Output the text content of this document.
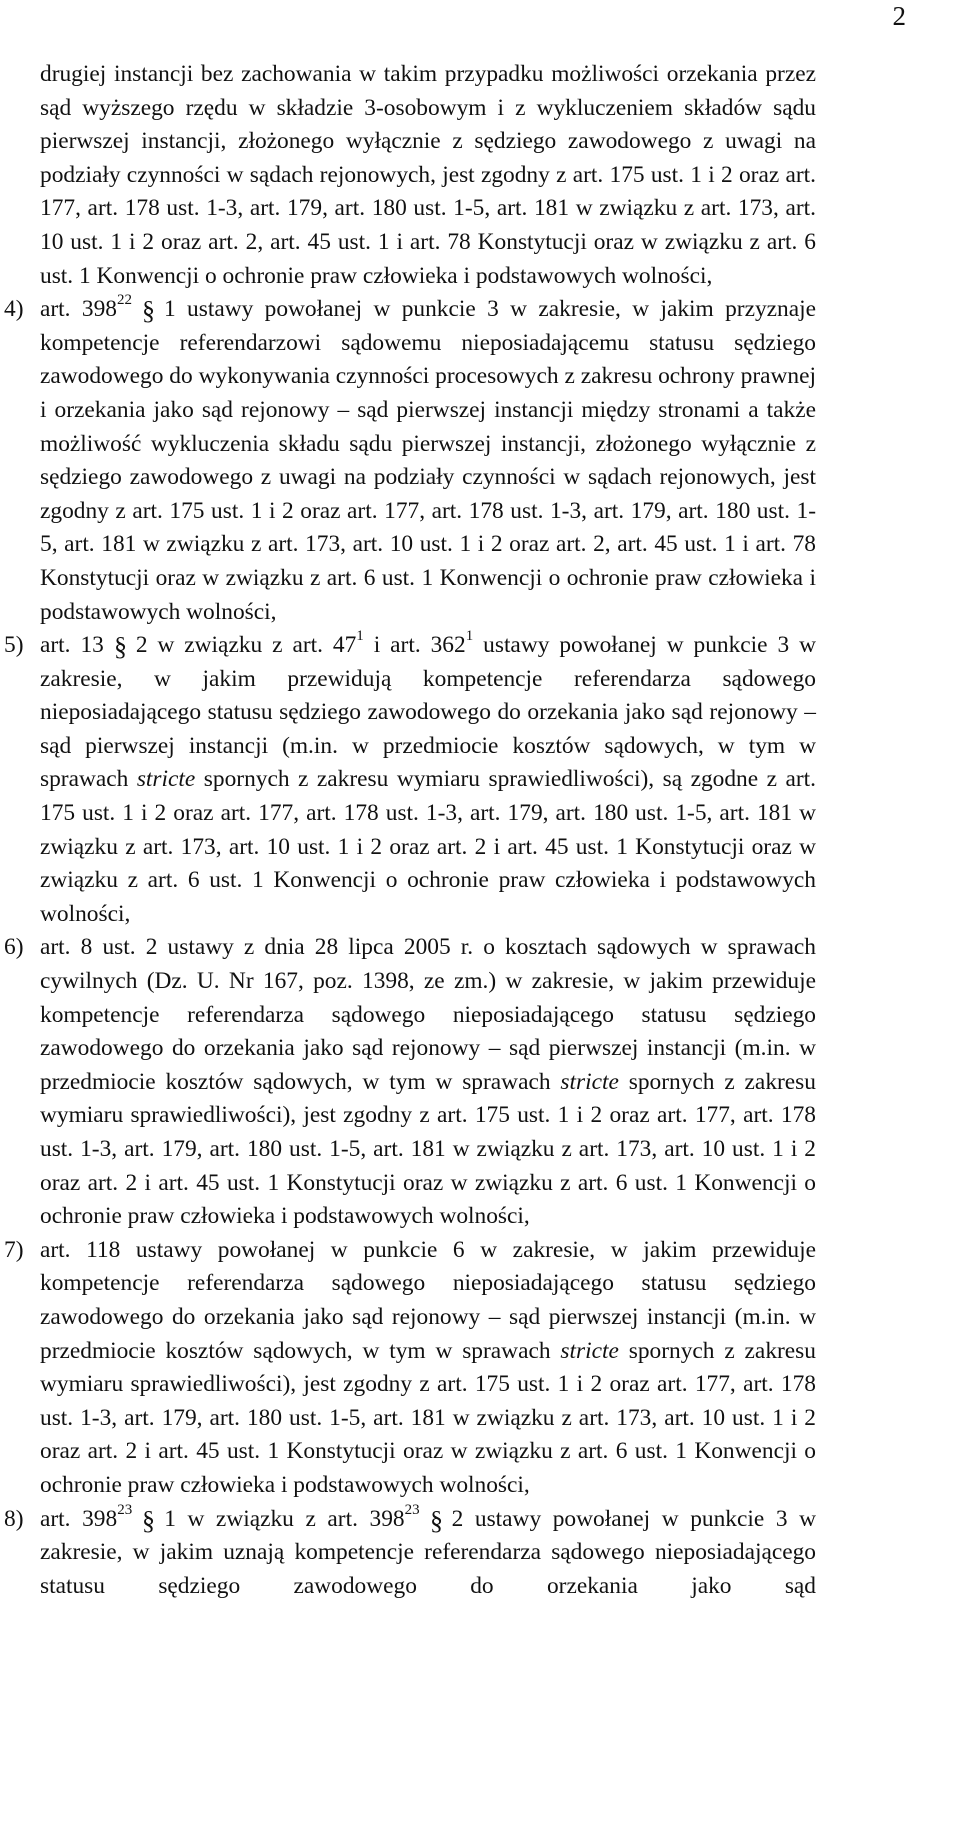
2

drugiej instancji bez zachowania w takim przypadku możliwości orzekania przez sąd wyższego rzędu w składzie 3-osobowym i z wykluczeniem składów sądu pierwszej instancji, złożonego wyłącznie z sędziego zawodowego z uwagi na podziały czynności w sądach rejonowych, jest zgodny z art. 175 ust. 1 i 2 oraz art. 177, art. 178 ust. 1-3, art. 179, art. 180 ust. 1-5, art. 181 w związku z art. 173, art. 10 ust. 1 i 2 oraz art. 2, art. 45 ust. 1 i art. 78 Konstytucji oraz w związku z art. 6 ust. 1 Konwencji o ochronie praw człowieka i podstawowych wolności,

4) art. $398^{22}$ § 1 ustawy powołanej w punkcie 3 w zakresie, w jakim przyznaje kompetencje referendarzowi sądowemu nieposiadającemu statusu sędziego zawodowego do wykonywania czynności procesowych z zakresu ochrony prawnej i orzekania jako sąd rejonowy – sąd pierwszej instancji między stronami a także możliwość wykluczenia składu sądu pierwszej instancji, złożonego wyłącznie z sędziego zawodowego z uwagi na podziały czynności w sądach rejonowych, jest zgodny z art. 175 ust. 1 i 2 oraz art. 177, art. 178 ust. 1-3, art. 179, art. 180 ust. 1-5, art. 181 w związku z art. 173, art. 10 ust. 1 i 2 oraz art. 2, art. 45 ust. 1 i art. 78 Konstytucji oraz w związku z art. 6 ust. 1 Konwencji o ochronie praw człowieka i podstawowych wolności,
5) art. 13 § 2 w związku z art. $47^1$ i art. $362^1$ ustawy powołanej w punkcie 3 w zakresie, w jakim przewidują kompetencje referendarza sądowego nieposiadającego statusu sędziego zawodowego do orzekania jako sąd rejonowy – sąd pierwszej instancji (m.in. w przedmiocie kosztów sądowych, w tym w sprawach stricte spornych z zakresu wymiaru sprawiedliwości), są zgodne z art. 175 ust. 1 i 2 oraz art. 177, art. 178 ust. 1-3, art. 179, art. 180 ust. 1-5, art. 181 w związku z art. 173, art. 10 ust. 1 i 2 oraz art. 2 i art. 45 ust. 1 Konstytucji oraz w związku z art. 6 ust. 1 Konwencji o ochronie praw człowieka i podstawowych wolności,
6) art. 8 ust. 2 ustawy z dnia 28 lipca 2005 r. o kosztach sądowych w sprawach cywilnych (Dz. U. Nr 167, poz. 1398, ze zm.) w zakresie, w jakim przewiduje kompetencje referendarza sądowego nieposiadającego statusu sędziego zawodowego do orzekania jako sąd rejonowy – sąd pierwszej instancji (m.in. w przedmiocie kosztów sądowych, w tym w sprawach stricte spornych z zakresu wymiaru sprawiedliwości), jest zgodny z art. 175 ust. 1 i 2 oraz art. 177, art. 178 ust. 1-3, art. 179, art. 180 ust. 1-5, art. 181 w związku z art. 173, art. 10 ust. 1 i 2 oraz art. 2 i art. 45 ust. 1 Konstytucji oraz w związku z art. 6 ust. 1 Konwencji o ochronie praw człowieka i podstawowych wolności,
7) art. 118 ustawy powołanej w punkcie 6 w zakresie, w jakim przewiduje kompetencje referendarza sądowego nieposiadającego statusu sędziego zawodowego do orzekania jako sąd rejonowy – sąd pierwszej instancji (m.in. w przedmiocie kosztów sądowych, w tym w sprawach stricte spornych z zakresu wymiaru sprawiedliwości), jest zgodny z art. 175 ust. 1 i 2 oraz art. 177, art. 178 ust. 1-3, art. 179, art. 180 ust. 1-5, art. 181 w związku z art. 173, art. 10 ust. 1 i 2 oraz art. 2 i art. 45 ust. 1 Konstytucji oraz w związku z art. 6 ust. 1 Konwencji o ochronie praw człowieka i podstawowych wolności,
8) art. $398^{23}$ § 1 w związku z art. $398^{23}$ § 2 ustawy powołanej w punkcie 3 w zakresie, w jakim uznają kompetencje referendarza sądowego nieposiadającego statusu sędziego zawodowego do orzekania jako sąd
